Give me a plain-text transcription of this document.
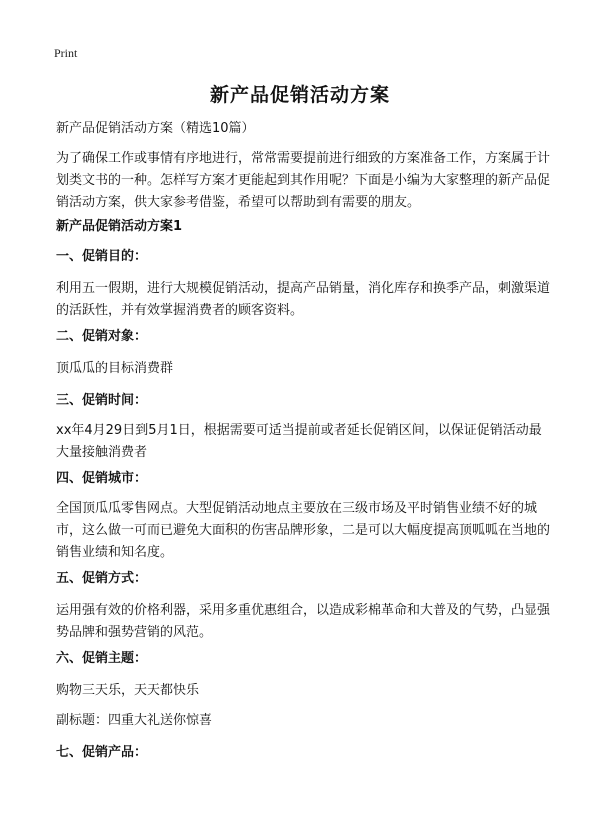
Print
新产品促销活动方案
新产品促销活动方案（精选10篇）
为了确保工作或事情有序地进行，常常需要提前进行细致的方案准备工作，方案属于计划类文书的一种。怎样写方案才更能起到其作用呢？下面是小编为大家整理的新产品促销活动方案，供大家参考借鉴，希望可以帮助到有需要的朋友。
新产品促销活动方案1
一、促销目的：
利用五一假期，进行大规模促销活动，提高产品销量，消化库存和换季产品，刺激渠道的活跃性，并有效掌握消费者的顾客资料。
二、促销对象：
顶瓜瓜的目标消费群
三、促销时间：
xx年4月29日到5月1日，根据需要可适当提前或者延长促销区间，以保证促销活动最大量接触消费者
四、促销城市：
全国顶瓜瓜零售网点。大型促销活动地点主要放在三级市场及平时销售业绩不好的城市，这么做一可而已避免大面积的伤害品牌形象，二是可以大幅度提高顶呱呱在当地的销售业绩和知名度。
五、促销方式：
运用强有效的价格利器，采用多重优惠组合，以造成彩棉革命和大普及的气势，凸显强势品牌和强势营销的风范。
六、促销主题：
购物三天乐，天天都快乐
副标题：四重大礼送你惊喜
七、促销产品：
